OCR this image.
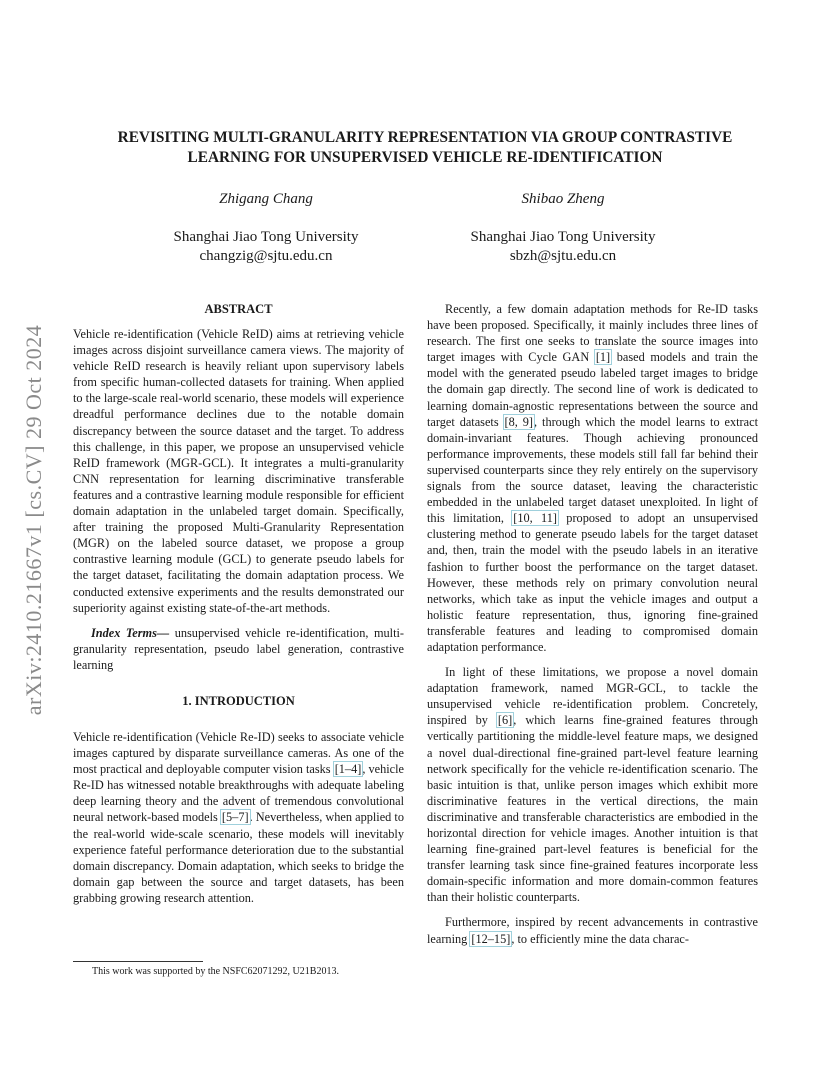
arXiv:2410.21667v1 [cs.CV] 29 Oct 2024
REVISITING MULTI-GRANULARITY REPRESENTATION VIA GROUP CONTRASTIVE
LEARNING FOR UNSUPERVISED VEHICLE RE-IDENTIFICATION
Zhigang Chang
Shanghai Jiao Tong University
changzig@sjtu.edu.cn
Shibao Zheng
Shanghai Jiao Tong University
sbzh@sjtu.edu.cn

ABSTRACT

Vehicle re-identification (Vehicle ReID) aims at retrieving vehicle images across disjoint surveillance camera views. The majority of vehicle ReID research is heavily reliant upon supervisory labels from specific human-collected datasets for training. When applied to the large-scale real-world scenario, these models will experience dreadful performance declines due to the notable domain discrepancy between the source dataset and the target. To address this challenge, in this paper, we propose an unsupervised vehicle ReID framework (MGR-GCL). It integrates a multi-granularity CNN representation for learning discriminative transferable features and a contrastive learning module responsible for efficient domain adaptation in the unlabeled target domain. Specifically, after training the proposed Multi-Granularity Representation (MGR) on the labeled source dataset, we propose a group contrastive learning module (GCL) to generate pseudo labels for the target dataset, facilitating the domain adaptation process. We conducted extensive experiments and the results demonstrated our superiority against existing state-of-the-art methods.

Index Terms— unsupervised vehicle re-identification, multi-granularity representation, pseudo label generation, contrastive learning

1. INTRODUCTION

Vehicle re-identification (Vehicle Re-ID) seeks to associate vehicle images captured by disparate surveillance cameras. As one of the most practical and deployable computer vision tasks [1–4], vehicle Re-ID has witnessed notable breakthroughs with adequate labeling deep learning theory and the advent of tremendous convolutional neural network-based models [5–7]. Nevertheless, when applied to the real-world wide-scale scenario, these models will inevitably experience fateful performance deterioration due to the substantial domain discrepancy. Domain adaptation, which seeks to bridge the domain gap between the source and target datasets, has been grabbing growing research attention.

Recently, a few domain adaptation methods for Re-ID tasks have been proposed. Specifically, it mainly includes three lines of research. The first one seeks to translate the source images into target images with Cycle GAN [1] based models and train the model with the generated pseudo labeled target images to bridge the domain gap directly. The second line of work is dedicated to learning domain-agnostic representations between the source and target datasets [8, 9], through which the model learns to extract domain-invariant features. Though achieving pronounced performance improvements, these models still fall far behind their supervised counterparts since they rely entirely on the supervisory signals from the source dataset, leaving the characteristic embedded in the unlabeled target dataset unexploited. In light of this limitation, [10, 11] proposed to adopt an unsupervised clustering method to generate pseudo labels for the target dataset and, then, train the model with the pseudo labels in an iterative fashion to further boost the performance on the target dataset. However, these methods rely on primary convolution neural networks, which take as input the vehicle images and output a holistic feature representation, thus, ignoring fine-grained transferable features and leading to compromised domain adaptation performance.

In light of these limitations, we propose a novel domain adaptation framework, named MGR-GCL, to tackle the unsupervised vehicle re-identification problem. Concretely, inspired by [6], which learns fine-grained features through vertically partitioning the middle-level feature maps, we designed a novel dual-directional fine-grained part-level feature learning network specifically for the vehicle re-identification scenario. The basic intuition is that, unlike person images which exhibit more discriminative features in the vertical directions, the main discriminative and transferable characteristics are embodied in the horizontal direction for vehicle images. Another intuition is that learning fine-grained part-level features is beneficial for the transfer learning task since fine-grained features incorporate less domain-specific information and more domain-common features than their holistic counterparts.

Furthermore, inspired by recent advancements in contrastive learning [12–15], to efficiently mine the data charac-

This work was supported by the NSFC62071292, U21B2013.
